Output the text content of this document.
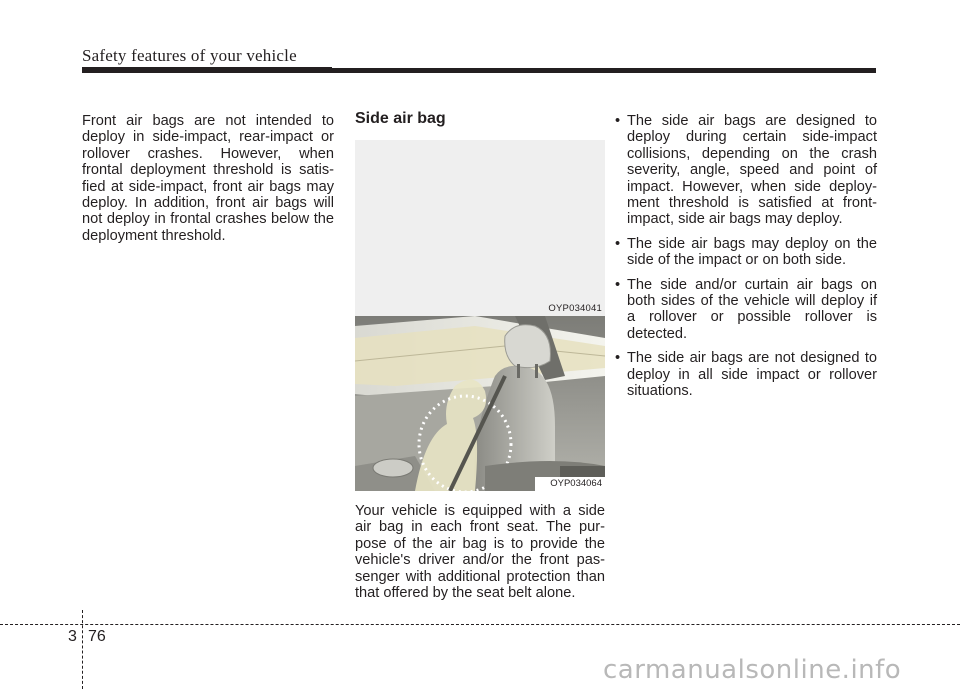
Safety features of your vehicle

Front air bags are not intended to deploy in side-impact, rear-impact or rollover crashes. However, when frontal deployment threshold is satis- fied at side-impact, front air bags may deploy. In addition, front air bags will not deploy in frontal crashes below the deployment threshold.

Side air bag
OYP034041
OYP034064

Your vehicle is equipped with a side air bag in each front seat. The pur- pose of the air bag is to provide the vehicle's driver and/or the front pas- senger with additional protection than that offered by the seat belt alone.

• The side air bags are designed to deploy during certain side-impact collisions, depending on the crash severity, angle, speed and point of impact. However, when side deploy- ment threshold is satisfied at front- impact, side air bags may deploy.
• The side air bags may deploy on the side of the impact or on both side.
• The side and/or curtain air bags on both sides of the vehicle will deploy if a rollover or possible rollover is detected.
• The side air bags are not designed to deploy in all side impact or rollover situations.
3 76
carmanualsonline.info
